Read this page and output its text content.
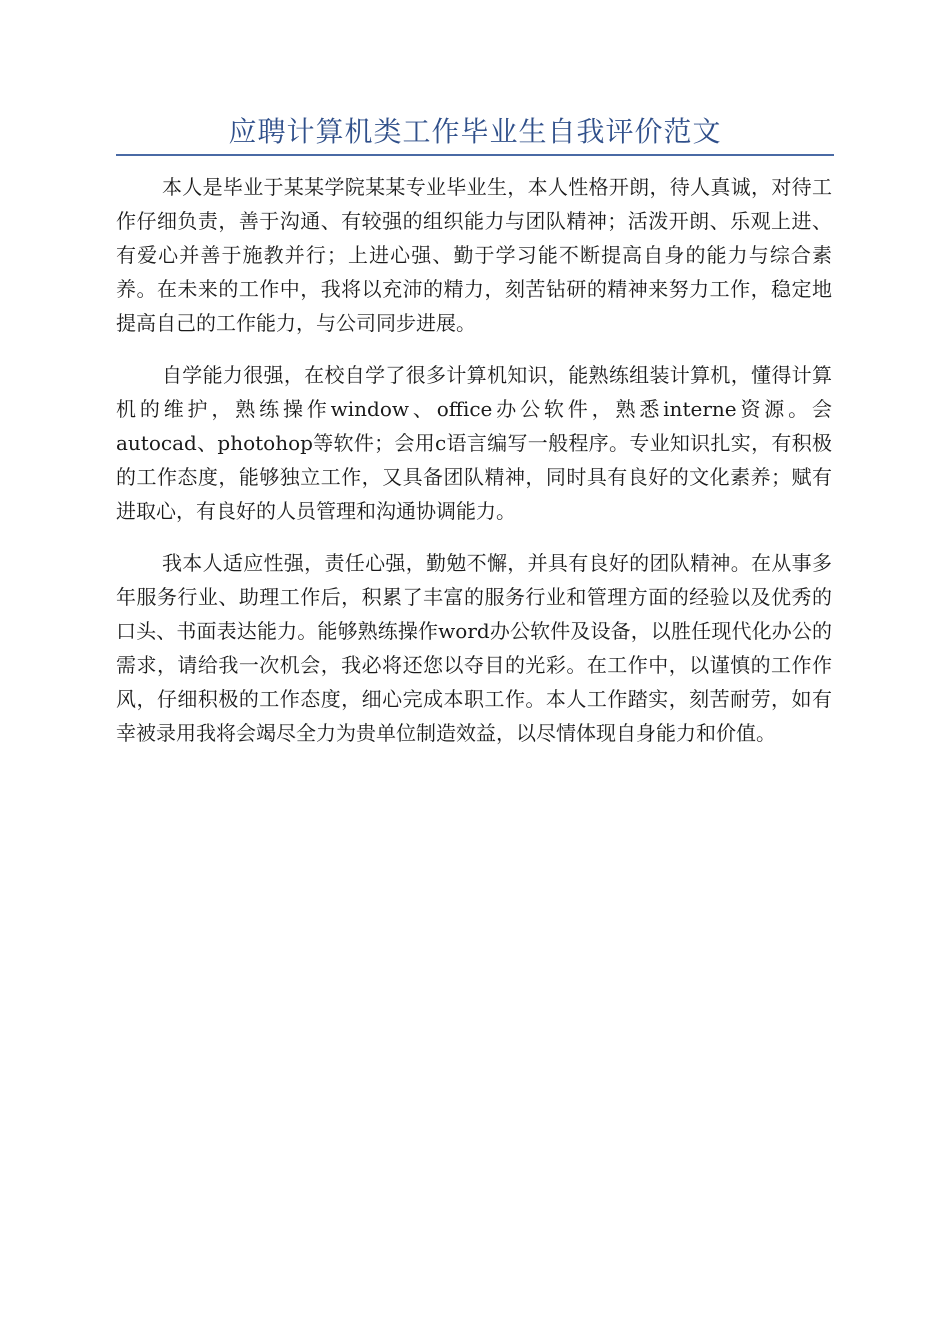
应聘计算机类工作毕业生自我评价范文

本人是毕业于某某学院某某专业毕业生，本人性格开朗，待人真诚，对待工作仔细负责，善于沟通、有较强的组织能力与团队精神；活泼开朗、乐观上进、有爱心并善于施教并行；上进心强、勤于学习能不断提高自身的能力与综合素养。在未来的工作中，我将以充沛的精力，刻苦钻研的精神来努力工作，稳定地提高自己的工作能力，与公司同步进展。

自学能力很强，在校自学了很多计算机知识，能熟练组装计算机，懂得计算机的维护，熟练操作window、office办公软件，熟悉interne资源。会autocad、photohop等软件；会用c语言编写一般程序。专业知识扎实，有积极的工作态度，能够独立工作，又具备团队精神，同时具有良好的文化素养；赋有进取心，有良好的人员管理和沟通协调能力。

我本人适应性强，责任心强，勤勉不懈，并具有良好的团队精神。在从事多年服务行业、助理工作后，积累了丰富的服务行业和管理方面的经验以及优秀的口头、书面表达能力。能够熟练操作word办公软件及设备，以胜任现代化办公的需求，请给我一次机会，我必将还您以夺目的光彩。在工作中，以谨慎的工作作风，仔细积极的工作态度，细心完成本职工作。本人工作踏实，刻苦耐劳，如有幸被录用我将会竭尽全力为贵单位制造效益，以尽情体现自身能力和价值。
